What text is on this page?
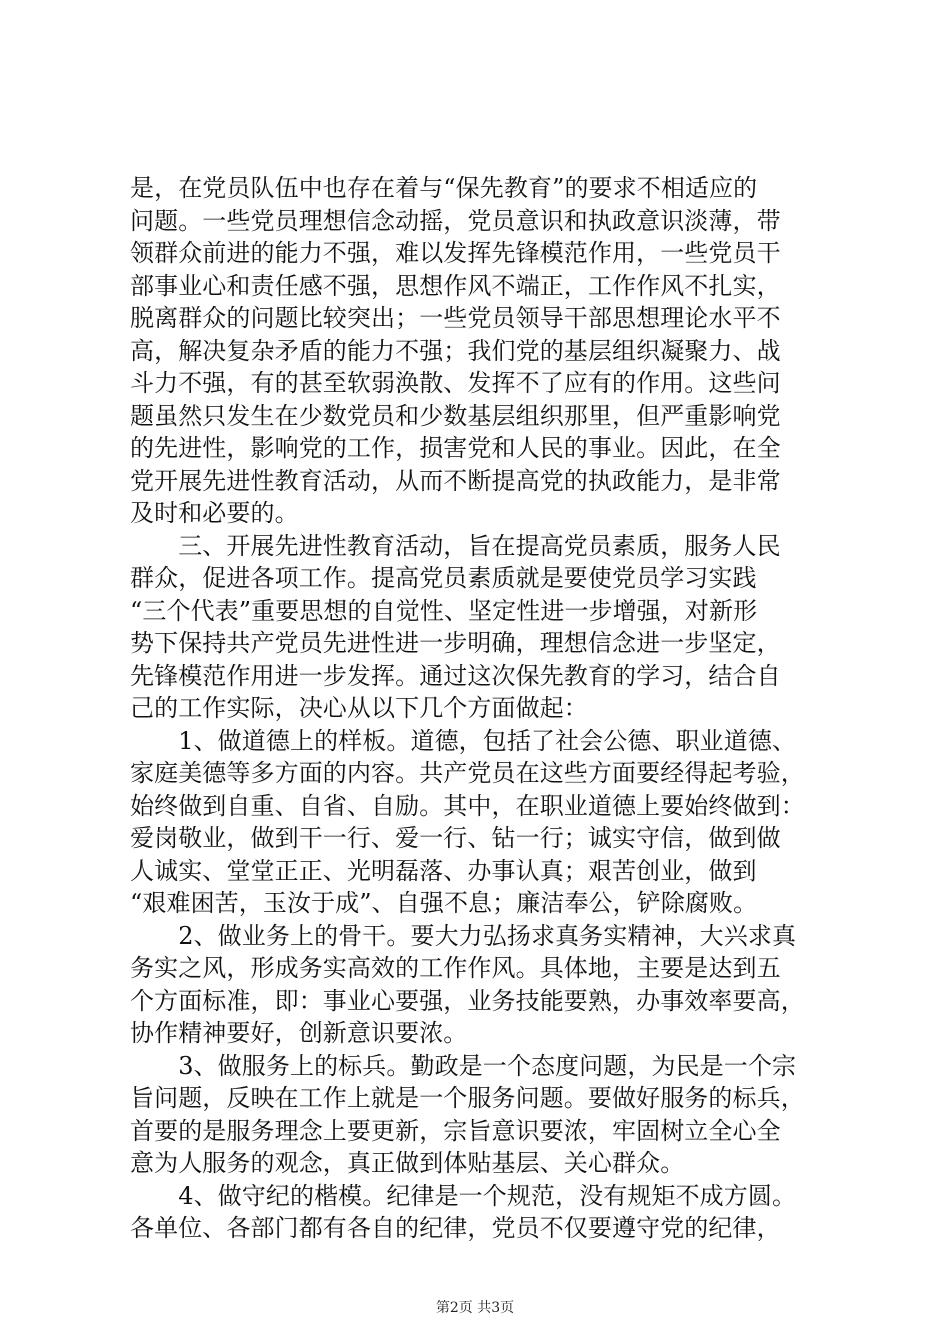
是，在党员队伍中也存在着与“保先教育”的要求不相适应的
问题。一些党员理想信念动摇，党员意识和执政意识淡薄，带
领群众前进的能力不强，难以发挥先锋模范作用，一些党员干
部事业心和责任感不强，思想作风不端正，工作作风不扎实，
脱离群众的问题比较突出；一些党员领导干部思想理论水平不
高，解决复杂矛盾的能力不强；我们党的基层组织凝聚力、战
斗力不强，有的甚至软弱涣散、发挥不了应有的作用。这些问
题虽然只发生在少数党员和少数基层组织那里，但严重影响党
的先进性，影响党的工作，损害党和人民的事业。因此，在全
党开展先进性教育活动，从而不断提高党的执政能力，是非常
及时和必要的。
　　三、开展先进性教育活动，旨在提高党员素质，服务人民
群众，促进各项工作。提高党员素质就是要使党员学习实践
“三个代表”重要思想的自觉性、坚定性进一步增强，对新形
势下保持共产党员先进性进一步明确，理想信念进一步坚定，
先锋模范作用进一步发挥。通过这次保先教育的学习，结合自
己的工作实际，决心从以下几个方面做起：
　　1、做道德上的样板。道德，包括了社会公德、职业道德、
家庭美德等多方面的内容。共产党员在这些方面要经得起考验，
始终做到自重、自省、自励。其中，在职业道德上要始终做到：
爱岗敬业，做到干一行、爱一行、钻一行；诚实守信，做到做
人诚实、堂堂正正、光明磊落、办事认真；艰苦创业，做到
“艰难困苦，玉汝于成”、自强不息；廉洁奉公，铲除腐败。
　　2、做业务上的骨干。要大力弘扬求真务实精神，大兴求真
务实之风，形成务实高效的工作作风。具体地，主要是达到五
个方面标准，即：事业心要强，业务技能要熟，办事效率要高，
协作精神要好，创新意识要浓。
　　3、做服务上的标兵。勤政是一个态度问题，为民是一个宗
旨问题，反映在工作上就是一个服务问题。要做好服务的标兵，
首要的是服务理念上要更新，宗旨意识要浓，牢固树立全心全
意为人服务的观念，真正做到体贴基层、关心群众。
　　4、做守纪的楷模。纪律是一个规范，没有规矩不成方圆。
各单位、各部门都有各自的纪律，党员不仅要遵守党的纪律，
第2页 共3页
